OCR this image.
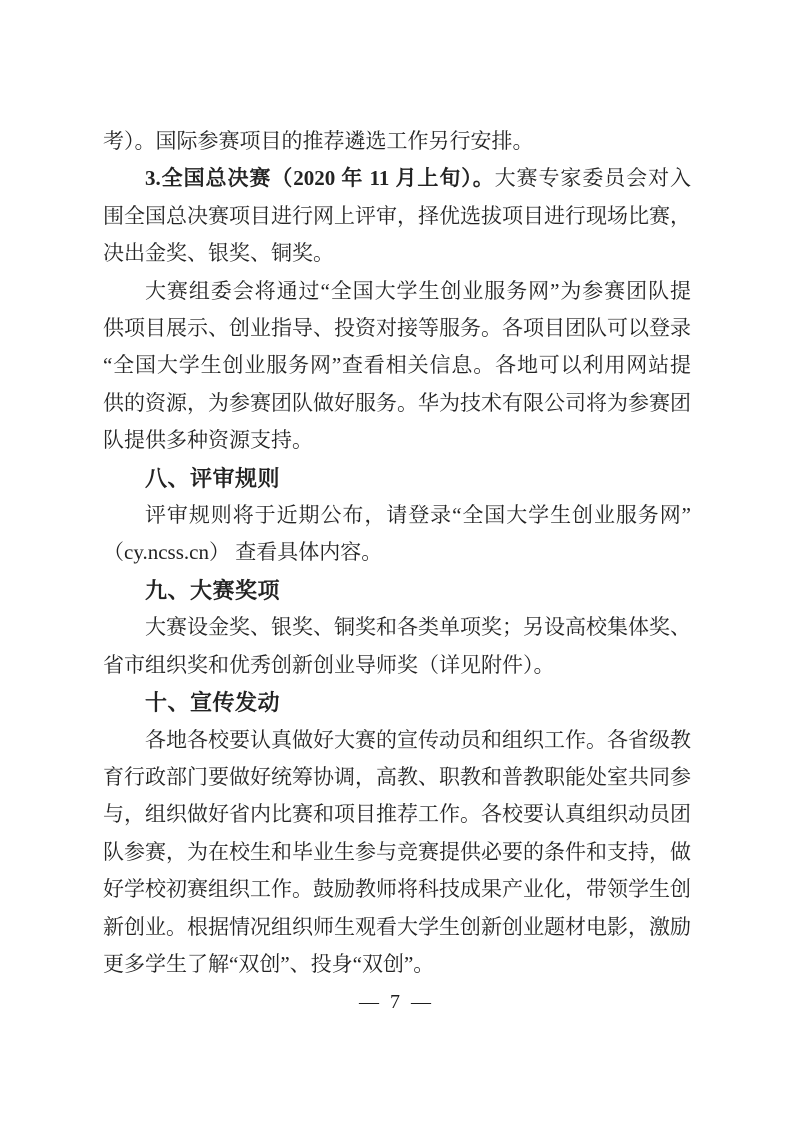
考）。国际参赛项目的推荐遴选工作另行安排。
3.全国总决赛（2020 年 11 月上旬）。大赛专家委员会对入
围全国总决赛项目进行网上评审，择优选拔项目进行现场比赛，
决出金奖、银奖、铜奖。
大赛组委会将通过“全国大学生创业服务网”为参赛团队提
供项目展示、创业指导、投资对接等服务。各项目团队可以登录
“全国大学生创业服务网”查看相关信息。各地可以利用网站提
供的资源，为参赛团队做好服务。华为技术有限公司将为参赛团
队提供多种资源支持。
八、评审规则
评审规则将于近期公布，请登录“全国大学生创业服务网”
（cy.ncss.cn） 查看具体内容。
九、大赛奖项
大赛设金奖、银奖、铜奖和各类单项奖；另设高校集体奖、
省市组织奖和优秀创新创业导师奖（详见附件）。
十、宣传发动
各地各校要认真做好大赛的宣传动员和组织工作。各省级教
育行政部门要做好统筹协调，高教、职教和普教职能处室共同参
与，组织做好省内比赛和项目推荐工作。各校要认真组织动员团
队参赛，为在校生和毕业生参与竞赛提供必要的条件和支持，做
好学校初赛组织工作。鼓励教师将科技成果产业化，带领学生创
新创业。根据情况组织师生观看大学生创新创业题材电影，激励
更多学生了解“双创”、投身“双创”。
— 7 —
